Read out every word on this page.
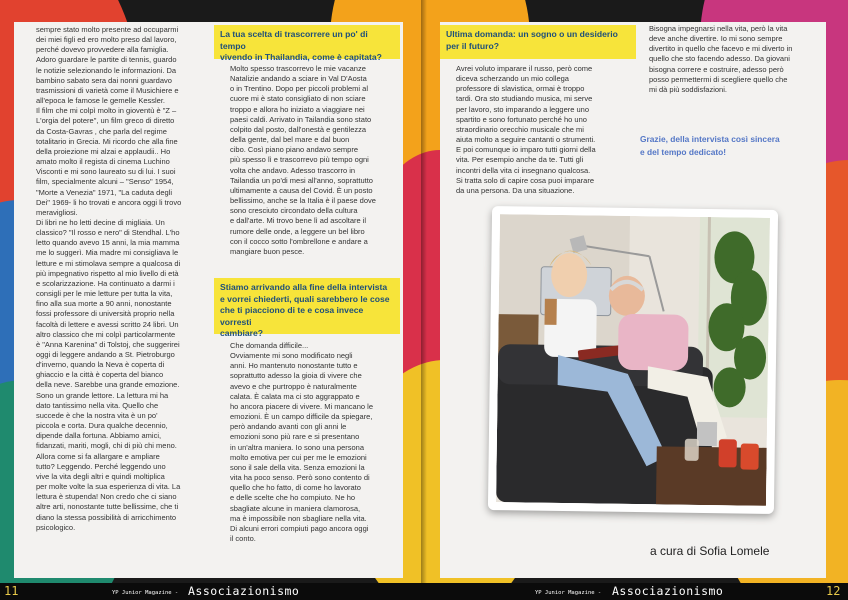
sempre stato molto presente ad occuparmi
dei miei figli ed ero molto preso dal lavoro,
perché dovevo provvedere alla famiglia.
Adoro guardare le partite di tennis, guardo
le notizie selezionando le informazioni. Da
bambino sabato sera dai nonni guardavo
trasmissioni di varietà come il Musichiere e
all'epoca le famose le gemelle Kessler.
Il film che mi colpì molto in gioventù è "Z –
L'orgia del potere", un film greco di diretto
da Costa-Gavras , che parla del regime
totalitario in Grecia. Mi ricordo che alla fine
della proiezione mi alzai e applaudii.. Ho
amato molto il regista di cinema Luchino
Visconti e mi sono laureato su di lui. I suoi
film, specialmente alcuni – "Senso" 1954,
"Morte a Venezia" 1971, "La caduta degli
Dei" 1969- li ho trovati e ancora oggi li trovo
meravigliosi.
Di libri ne ho letti decine di migliaia. Un
classico? "Il rosso e nero" di Stendhal. L'ho
letto quando avevo 15 anni, la mia mamma
me lo suggerì. Mia madre mi consigliava le
letture e mi stimolava sempre a qualcosa di
più impegnativo rispetto al mio livello di età
e scolarizzazione. Ha continuato a darmi i
consigli per le mie letture per tutta la vita,
fino alla sua morte a 90 anni, nonostante
fossi professore di università proprio nella
facoltà di lettere e avessi scritto 24 libri. Un
altro classico che mi colpì particolarmente
è "Anna Karenina" di Tolstoj, che suggerirei
oggi di leggere andando a St. Pietroburgo
d'inverno, quando la Neva è coperta di
ghiaccio e la città è coperta del bianco
della neve. Sarebbe una grande emozione.
Sono un grande lettore. La lettura mi ha
dato tantissimo nella vita. Quello che
succede è che la nostra vita è un po'
piccola e corta. Dura qualche decennio,
dipende dalla fortuna. Abbiamo amici,
fidanzati, mariti, mogli, chi di più chi meno.
Allora come si fa allargare e ampliare
tutto? Leggendo. Perché leggendo uno
vive la vita degli altri e quindi moltiplica
per molte volte la sua esperienza di vita. La
lettura è stupenda! Non credo che ci siano
altre arti, nonostante tutte bellissime, che ti
diano la stessa possibilità di arricchimento
psicologico.
La tua scelta di trascorrere un po' di tempo
vivendo in Thailandia, come è capitata?
Molto spesso trascorrevo le mie vacanze
Natalizie andando a sciare in Val D'Aosta
o in Trentino. Dopo per piccoli problemi al
cuore mi è stato consigliato di non sciare
troppo e allora ho iniziato a viaggiare nei
paesi caldi. Arrivato in Tailandia sono stato
colpito dal posto, dall'onestà e gentilezza
della gente, dal bel mare e dal buon
cibo. Così piano piano andavo sempre
più spesso lì e trascorrevo più tempo ogni
volta che andavo. Adesso trascorro in
Tailandia un po'di mesi all'anno, soprattutto
ultimamente a causa del Covid. È un posto
bellissimo, anche se la Italia è il paese dove
sono cresciuto circondato della cultura
e dall'arte. Mi trovo bene lì ad ascoltare il
rumore delle onde, a leggere un bel libro
con il cocco sotto l'ombrellone e andare a
mangiare buon pesce.
Stiamo arrivando alla fine della intervista
e vorrei chiederti, quali sarebbero le cose
che ti piacciono di te e cosa invece vorresti
cambiare?
Che domanda difficile...
Ovviamente mi sono modificato negli
anni. Ho mantenuto nonostante tutto e
soprattutto adesso la gioia di vivere che
avevo e che purtroppo è naturalmente
calata. È calata ma ci sto aggrappato e
ho ancora piacere di vivere. Mi mancano le
emozioni. È un campo difficile da spiegare,
però andando avanti con gli anni le
emozioni sono più rare e si presentano
in un'altra maniera. Io sono una persona
molto emotiva per cui per me le emozioni
sono il sale della vita. Senza emozioni la
vita ha poco senso. Però sono contento di
quello che ho fatto, di come ho lavorato
e delle scelte che ho compiuto. Ne ho
sbagliate alcune in maniera clamorosa,
ma è impossibile non sbagliare nella vita.
Di alcuni errori compiuti pago ancora oggi
il conto.
Ultima domanda: un sogno o un desiderio
per il futuro?
Avrei voluto imparare il russo, però come
diceva scherzando un mio collega
professore di slavistica, ormai è troppo
tardi. Ora sto studiando musica, mi serve
per lavoro, sto imparando a leggere uno
spartito e sono fortunato perché ho uno
straordinario orecchio musicale che mi
aiuta molto a seguire cantanti o strumenti.
E poi comunque io imparo tutti giorni della
vita. Per esempio anche da te. Tutti gli
incontri della vita ci insegnano qualcosa.
Si tratta solo di capire cosa puoi imparare
da una persona. Da una situazione.
Bisogna impegnarsi nella vita, però la vita
deve anche divertire. Io mi sono sempre
divertito in quello che facevo e mi diverto in
quello che sto facendo adesso. Da giovani
bisogna correre e costruire, adesso però
posso permettermi di scegliere quello che
mi dà più soddisfazioni.
Grazie, della intervista così sincera
e del tempo dedicato!
a cura di Sofia Lomele
11	YP Junior Magazine - Associazionismo	YP Junior Magazine - Associazionismo	12
